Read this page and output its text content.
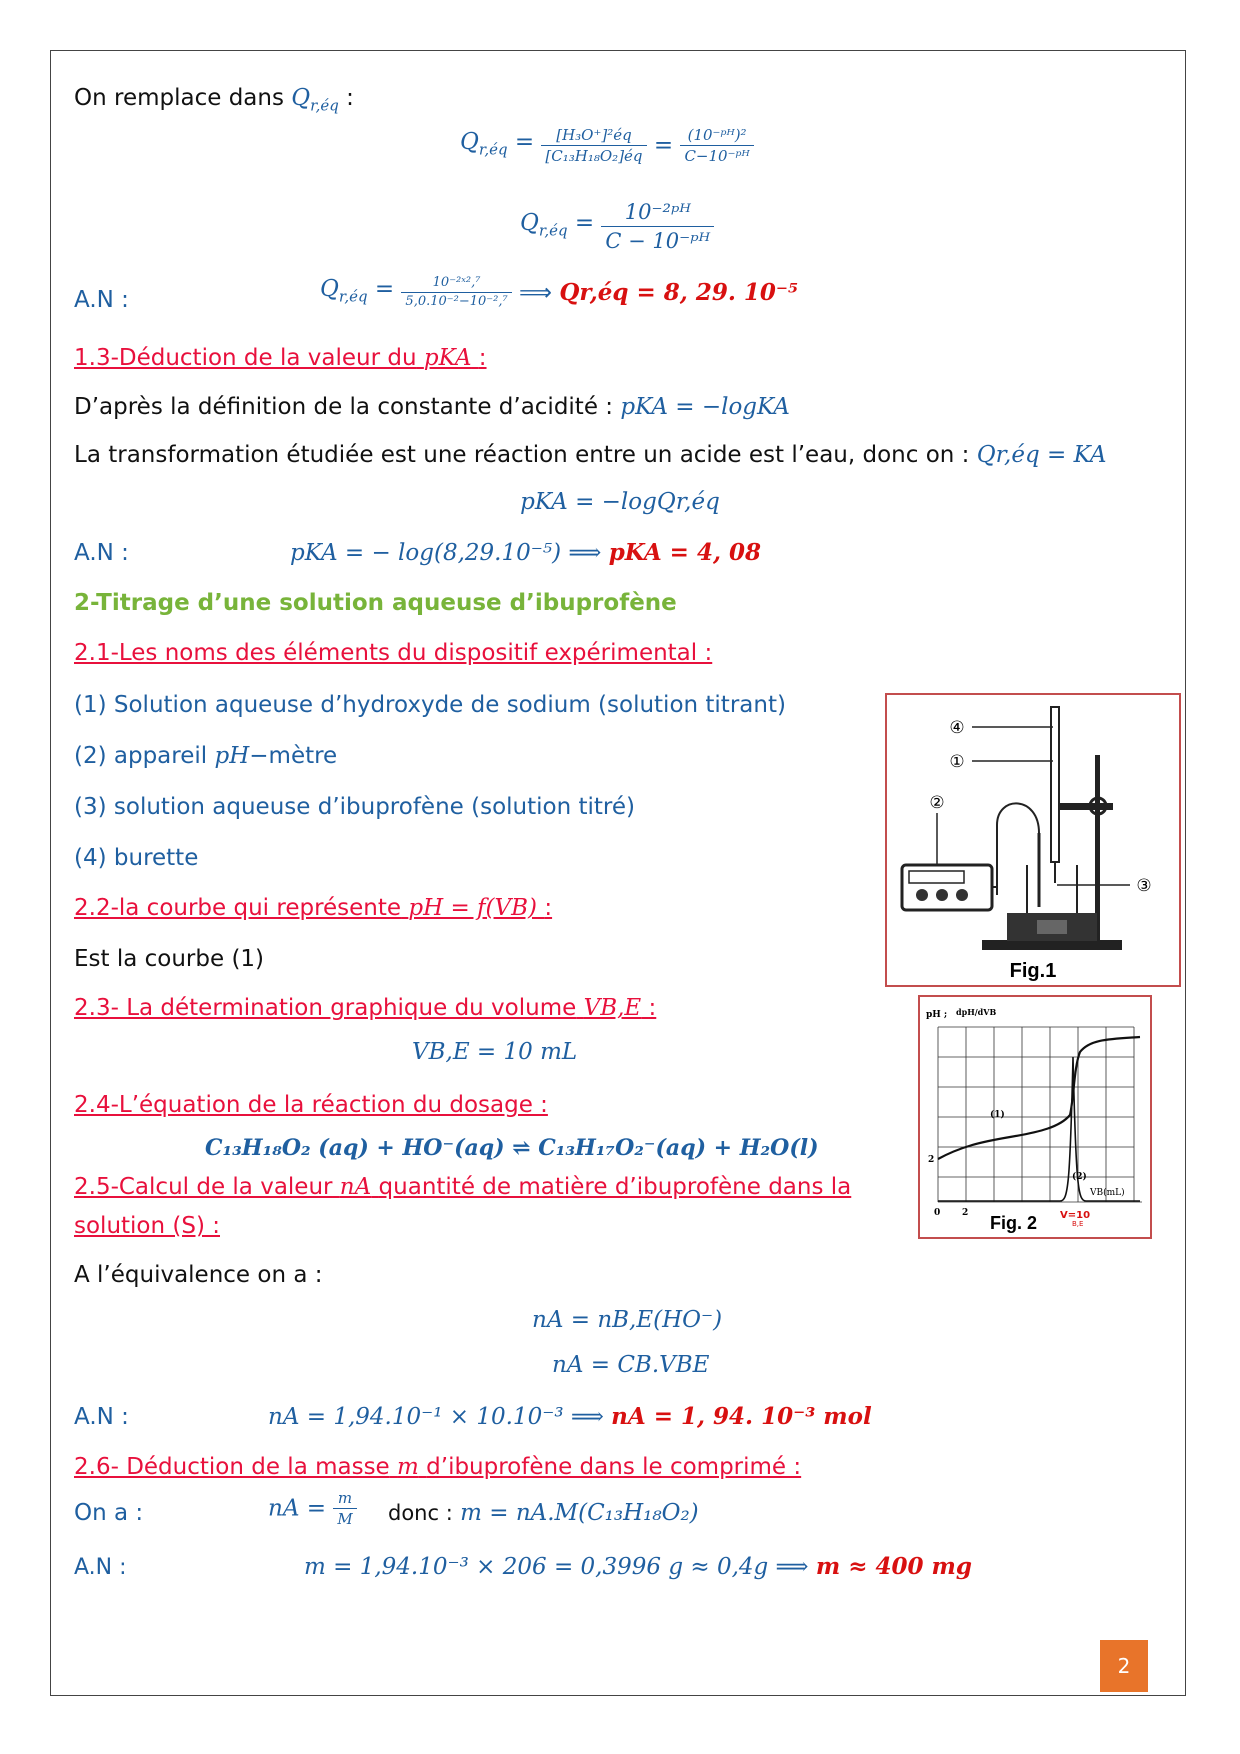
On remplace dans $Q_{r,éq}$ :
$Q_{r,éq} = \frac{\text{[H₃O⁺]²éq}}{\text{[C₁₃H₁₈O₂]éq}} = \frac{\text{(10⁻ᵖᴴ)²}}{\text{C−10⁻ᵖᴴ}}$
$Q_{r,éq} = \frac{\text{10⁻²ᵖᴴ}}{\text{C − 10⁻ᵖᴴ}}$
A.N :	$Q_{r,éq} = \frac{\text{10⁻²ˣ²,⁷}}{\text{5,0.10⁻²−10⁻²,⁷}}$ ⟹ Qr,éq = 8, 29. 10⁻⁵
1.3-Déduction de la valeur du pKA :
D’après la définition de la constante d’acidité : pKA = −logKA
La transformation étudiée est une réaction entre un acide est l’eau, donc on : Qr,éq = KA
pKA = −logQr,éq
A.N :	pKA = − log(8,29.10⁻⁵) ⟹ pKA = 4, 08
2-Titrage d’une solution aqueuse d’ibuprofène
2.1-Les noms des éléments du dispositif expérimental :
(1) Solution aqueuse d’hydroxyde de sodium (solution titrant)
(2) appareil pH−mètre
(3) solution aqueuse d’ibuprofène (solution titré)
(4) burette
2.2-la courbe qui représente pH = f(VB) :
Est la courbe (1)
2.3- La détermination graphique du volume VB,E :
VB,E = 10 mL
2.4-L’équation de la réaction du dosage :
C₁₃H₁₈O₂ (aq) + HO⁻(aq) ⇌ C₁₃H₁₇O₂⁻(aq) + H₂O(l)
2.5-Calcul de la valeur nA quantité de matière d’ibuprofène dans la
solution (S) :
A l’équivalence on a :
nA = nB,E(HO⁻)
nA = CB.VBE
A.N :	nA = 1,94.10⁻¹ × 10.10⁻³ ⟹ nA = 1, 94. 10⁻³ mol
2.6- Déduction de la masse m d’ibuprofène dans le comprimé :
On a :	nA = $\frac{m}{M}$ donc : m = nA.M(C₁₃H₁₈O₂)
A.N :	m = 1,94.10⁻³ × 206 = 0,3996 g ≈ 0,4g ⟹ m ≈ 400 mg
④
①
②
③
Fig.1
pH ; dpH/dVB
VB(mL)
0 2
2
(1)
(2)
V=10
B,E
Fig. 2
2
